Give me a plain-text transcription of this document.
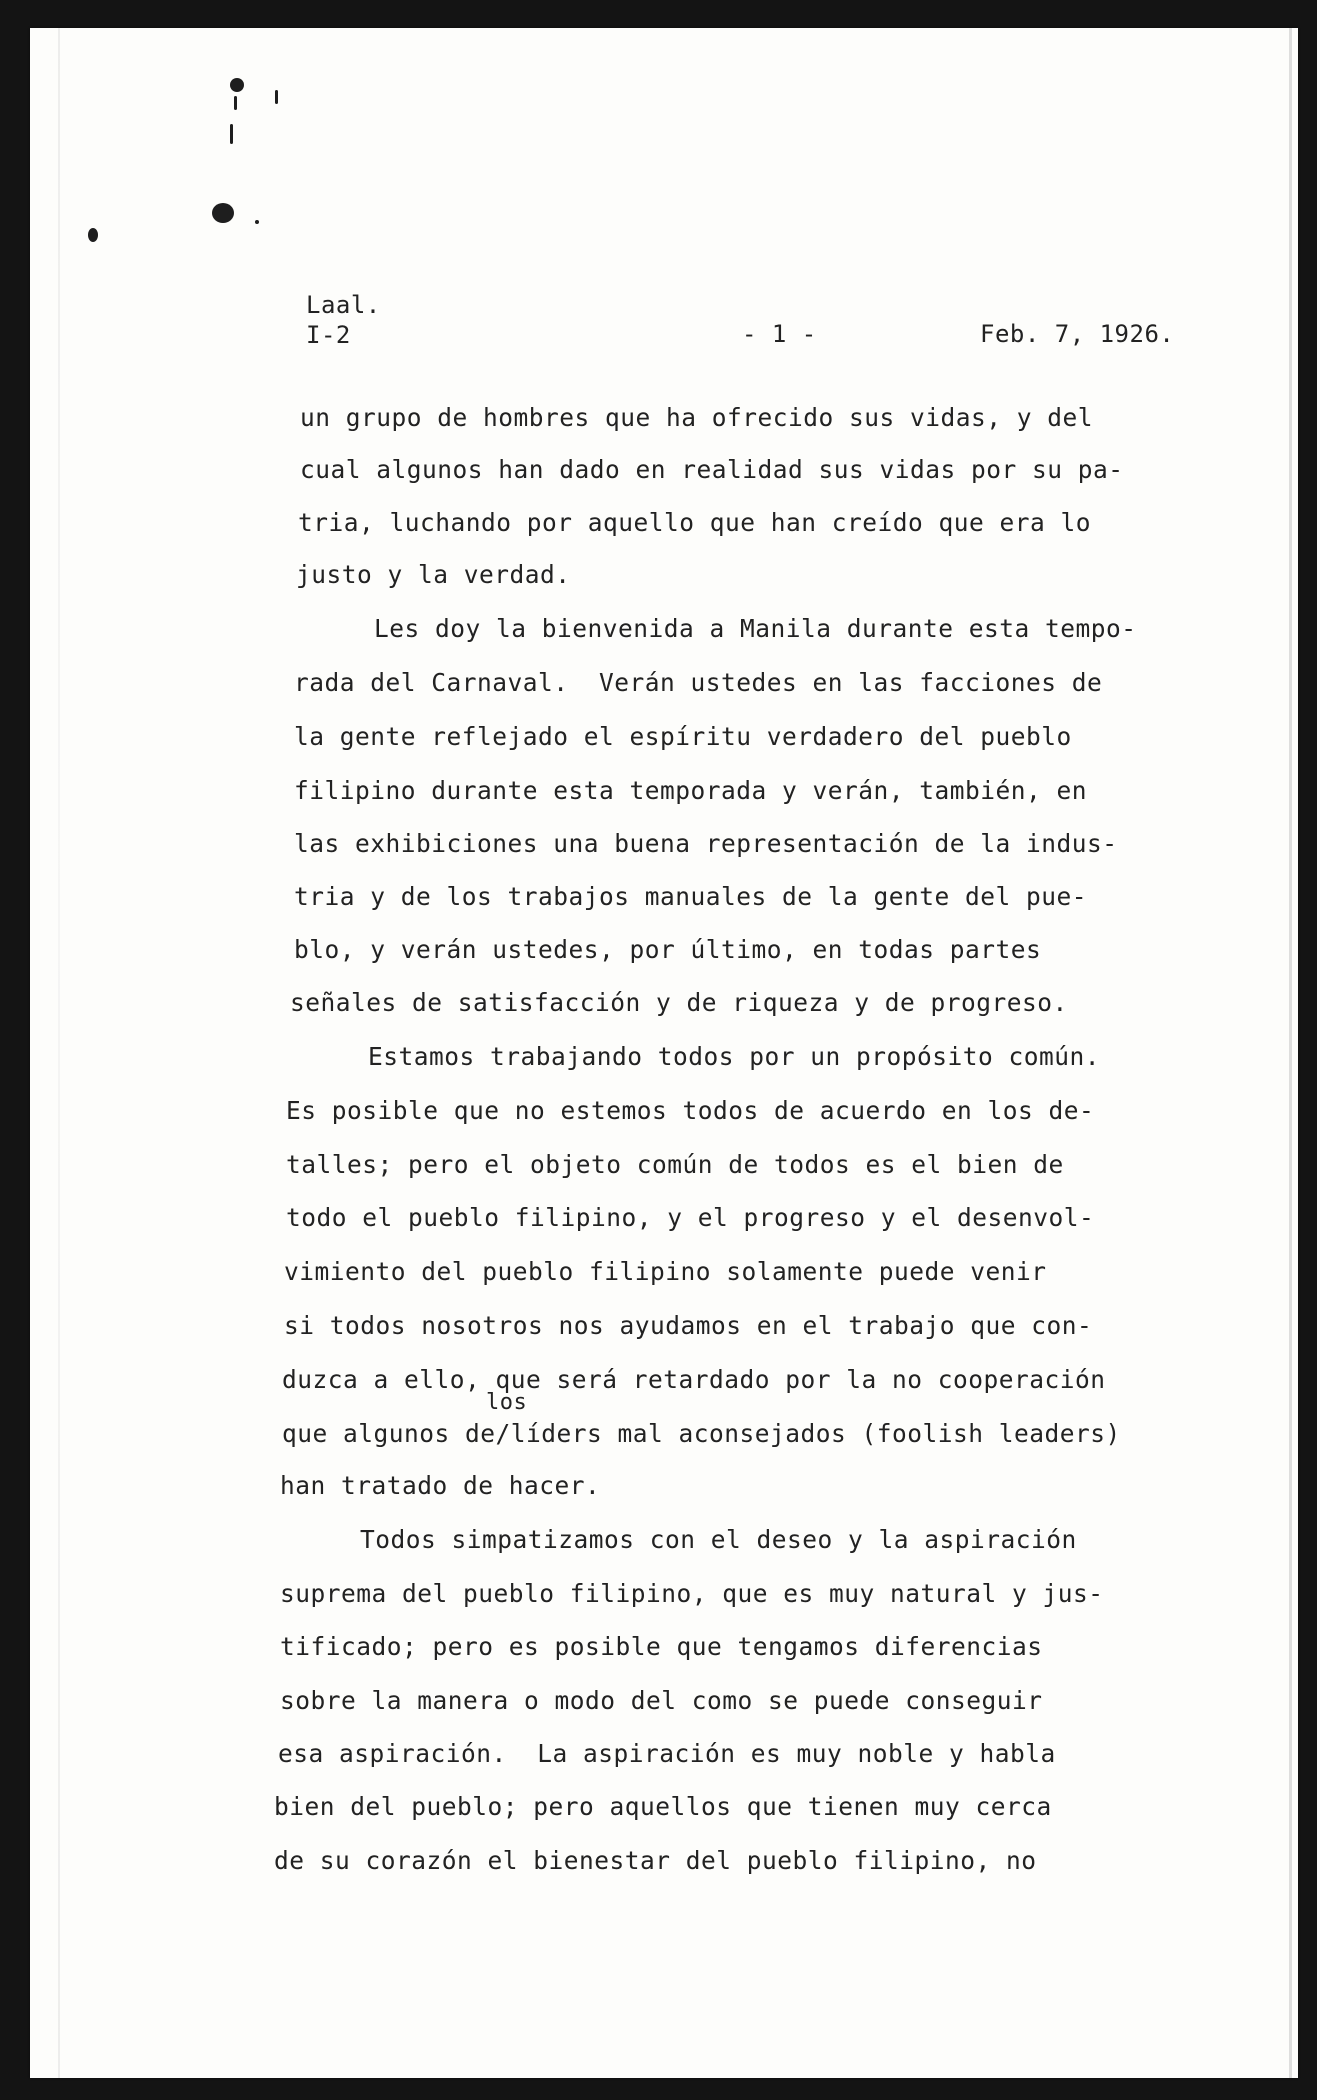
Laal.
I-2	- 1 -	Feb. 7, 1926.
un grupo de hombres que ha ofrecido sus vidas, y del
cual algunos han dado en realidad sus vidas por su pa-
tria, luchando por aquello que han creído que era lo
justo y la verdad.
Les doy la bienvenida a Manila durante esta tempo-
rada del Carnaval.  Verán ustedes en las facciones de
la gente reflejado el espíritu verdadero del pueblo
filipino durante esta temporada y verán, también, en
las exhibiciones una buena representación de la indus-
tria y de los trabajos manuales de la gente del pue-
blo, y verán ustedes, por último, en todas partes
señales de satisfacción y de riqueza y de progreso.
Estamos trabajando todos por un propósito común.
Es posible que no estemos todos de acuerdo en los de-
talles; pero el objeto común de todos es el bien de
todo el pueblo filipino, y el progreso y el desenvol-
vimiento del pueblo filipino solamente puede venir
si todos nosotros nos ayudamos en el trabajo que con-
duzca a ello, que será retardado por la no cooperación
los
que algunos de/líders mal aconsejados (foolish leaders)
han tratado de hacer.
Todos simpatizamos con el deseo y la aspiración
suprema del pueblo filipino, que es muy natural y jus-
tificado; pero es posible que tengamos diferencias
sobre la manera o modo del como se puede conseguir
esa aspiración.  La aspiración es muy noble y habla
bien del pueblo; pero aquellos que tienen muy cerca
de su corazón el bienestar del pueblo filipino, no
